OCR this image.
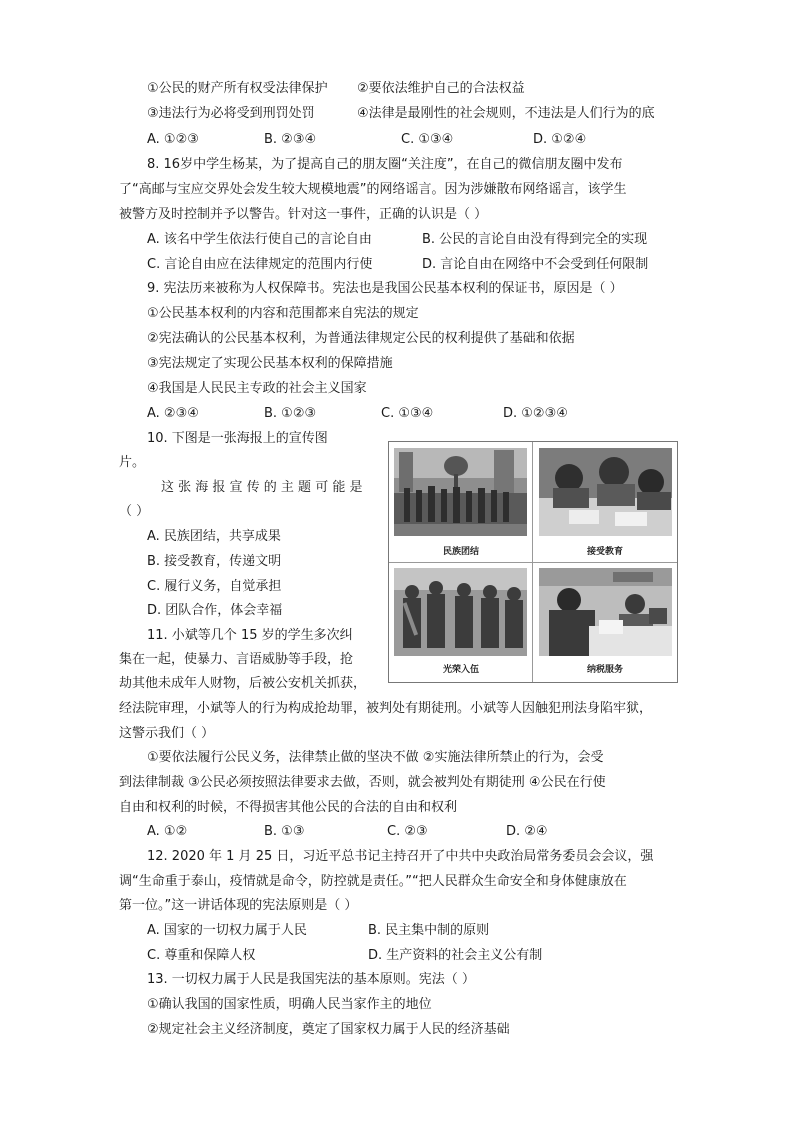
①公民的财产所有权受法律保护 ②要依法维护自己的合法权益
③违法行为必将受到刑罚处罚	④法律是最刚性的社会规则，不违法是人们行为的底
A. ①②③	B. ②③④	C. ①③④	D. ①②④
8. 16岁中学生杨某，为了提高自己的朋友圈“关注度”，在自己的微信朋友圈中发布
了“高邮与宝应交界处会发生较大规模地震”的网络谣言。因为涉嫌散布网络谣言，该学生
被警方及时控制并予以警告。针对这一事件，正确的认识是（ ）
A. 该名中学生依法行使自己的言论自由	B. 公民的言论自由没有得到完全的实现
C. 言论自由应在法律规定的范围内行使	D. 言论自由在网络中不会受到任何限制
9. 宪法历来被称为人权保障书。宪法也是我国公民基本权利的保证书，原因是（ ）
①公民基本权利的内容和范围都来自宪法的规定
②宪法确认的公民基本权利，为普通法律规定公民的权利提供了基础和依据
③宪法规定了实现公民基本权利的保障措施
④我国是人民民主专政的社会主义国家
A. ②③④	B. ①②③	C. ①③④	D. ①②③④
10. 下图是一张海报上的宣传图
片。
这 张 海 报 宣 传 的 主 题 可 能 是
（ ）
A. 民族团结，共享成果
B. 接受教育，传递文明
C. 履行义务，自觉承担
D. 团队合作，体会幸福
民族团结	接受教育
光荣入伍	纳税服务
11. 小斌等几个 15 岁的学生多次纠
集在一起，使暴力、言语威胁等手段，抢
劫其他未成年人财物，后被公安机关抓获，
经法院审理，小斌等人的行为构成抢劫罪，被判处有期徒刑。小斌等人因触犯刑法身陷牢狱，
这警示我们（ ）
①要依法履行公民义务，法律禁止做的坚决不做 ②实施法律所禁止的行为，会受
到法律制裁 ③公民必须按照法律要求去做，否则，就会被判处有期徒刑 ④公民在行使
自由和权利的时候，不得损害其他公民的合法的自由和权利
A. ①②	B. ①③	C. ②③	D. ②④
12. 2020 年 1 月 25 日，习近平总书记主持召开了中共中央政治局常务委员会会议，强
调“生命重于泰山，疫情就是命令，防控就是责任。”“把人民群众生命安全和身体健康放在
第一位。”这一讲话体现的宪法原则是（ ）
A. 国家的一切权力属于人民	B. 民主集中制的原则
C. 尊重和保障人权	D. 生产资料的社会主义公有制
13. 一切权力属于人民是我国宪法的基本原则。宪法（ ）
①确认我国的国家性质，明确人民当家作主的地位
②规定社会主义经济制度，奠定了国家权力属于人民的经济基础
